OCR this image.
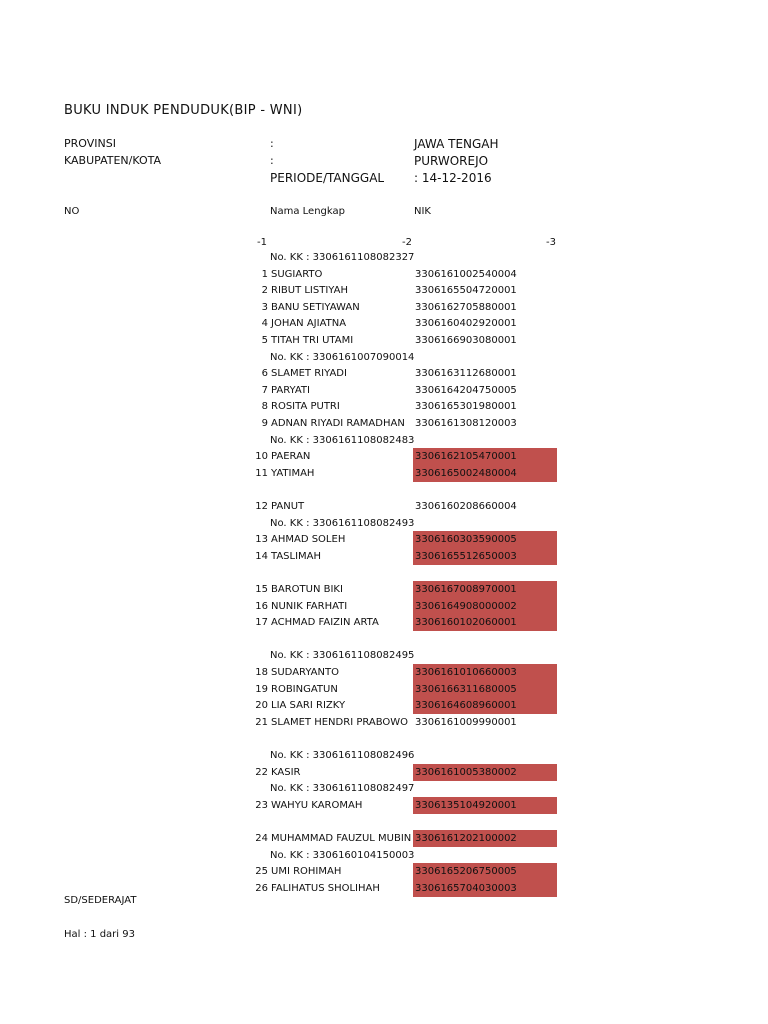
BUKU INDUK PENDUDUK(BIP - WNI)
PROVINSI	:	JAWA TENGAH
KABUPATEN/KOTA	:	PURWOREJO
PERIODE/TANGGAL : 14-12-2016
NO	Nama Lengkap	NIK
-1	-2	-3
No. KK : 3306161108082327
1 SUGIARTO	3306161002540004
2 RIBUT LISTIYAH	3306165504720001
3 BANU SETIYAWAN	3306162705880001
4 JOHAN AJIATNA	3306160402920001
5 TITAH TRI UTAMI	3306166903080001
No. KK : 3306161007090014
6 SLAMET RIYADI	3306163112680001
7 PARYATI	3306164204750005
8 ROSITA PUTRI	3306165301980001
9 ADNAN RIYADI RAMADHAN 3306161308120003
No. KK : 3306161108082483
10 PAERAN	3306162105470001
11 YATIMAH	3306165002480004
12 PANUT	3306160208660004
No. KK : 3306161108082493
13 AHMAD SOLEH	3306160303590005
14 TASLIMAH	3306165512650003
15 BAROTUN BIKI	3306167008970001
16 NUNIK FARHATI	3306164908000002
17 ACHMAD FAIZIN ARTA	3306160102060001
No. KK : 3306161108082495
18 SUDARYANTO	3306161010660003
19 ROBINGATUN	3306166311680005
20 LIA SARI RIZKY	3306164608960001
21 SLAMET HENDRI PRABOWO 3306161009990001
No. KK : 3306161108082496
22 KASIR	3306161005380002
No. KK : 3306161108082497
23 WAHYU KAROMAH	3306135104920001
24 MUHAMMAD FAUZUL MUBIN 3306161202100002
No. KK : 3306160104150003
25 UMI ROHIMAH	3306165206750005
26 FALIHATUS SHOLIHAH	3306165704030003
SD/SEDERAJAT
Hal : 1 dari 93
